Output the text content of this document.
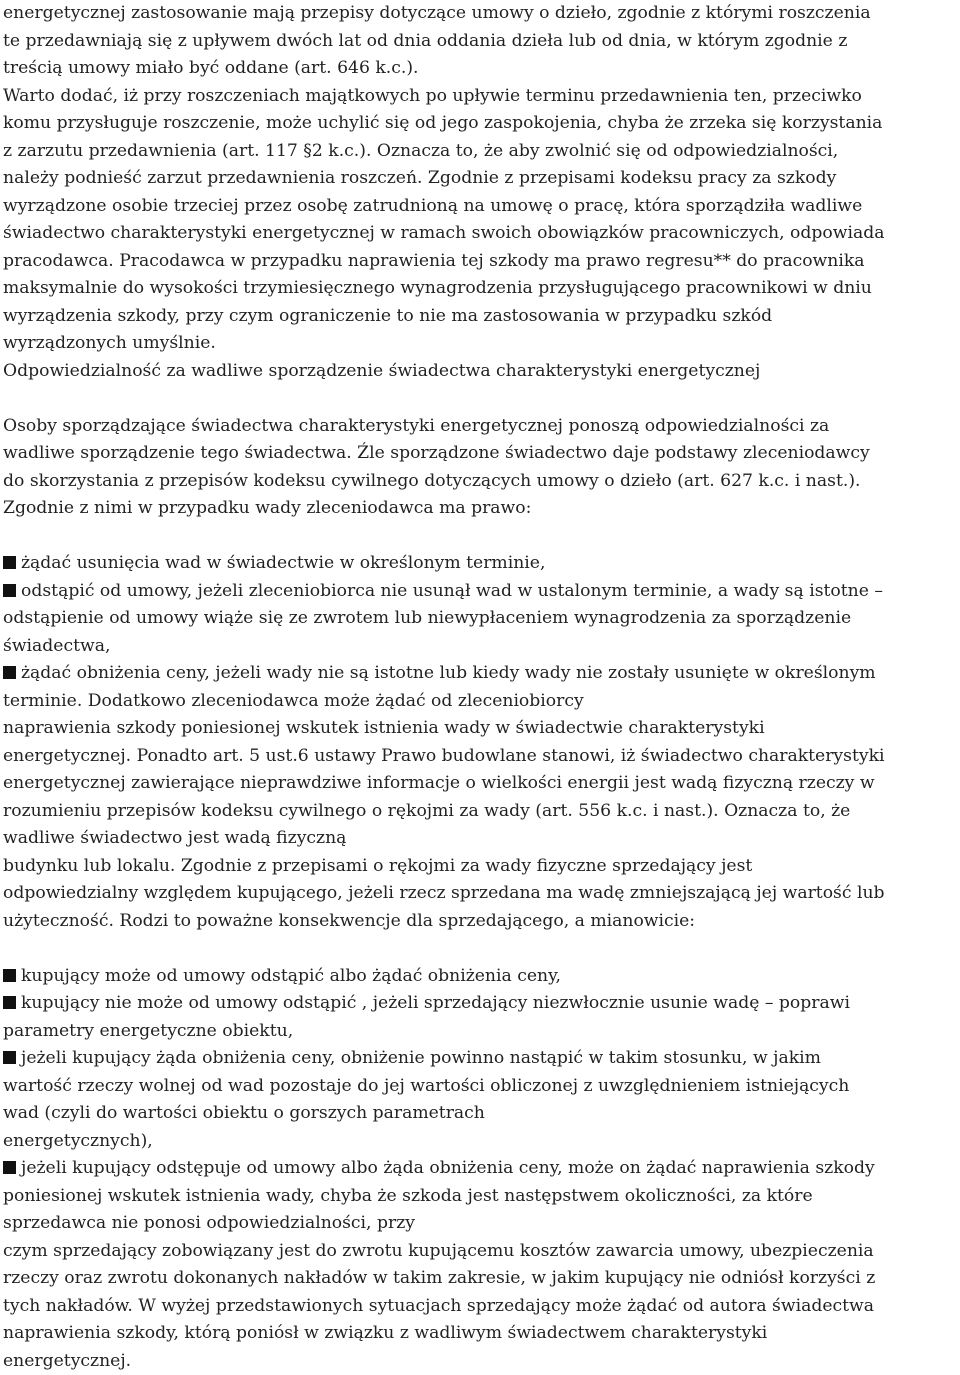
energetycznej zastosowanie mają przepisy dotyczące umowy o dzieło, zgodnie z którymi roszczenia

te przedawniają się z upływem dwóch lat od dnia oddania dzieła lub od dnia, w którym zgodnie z

treścią umowy miało być oddane (art. 646 k.c.).

Warto dodać, iż przy roszczeniach majątkowych po upływie terminu przedawnienia ten, przeciwko

komu przysługuje roszczenie, może uchylić się od jego zaspokojenia, chyba że zrzeka się korzystania

z zarzutu przedawnienia (art. 117 §2 k.c.). Oznacza to, że aby zwolnić się od odpowiedzialności,

należy podnieść zarzut przedawnienia roszczeń. Zgodnie z przepisami kodeksu pracy za szkody

wyrządzone osobie trzeciej przez osobę zatrudnioną na umowę o pracę, która sporządziła wadliwe

świadectwo charakterystyki energetycznej w ramach swoich obowiązków pracowniczych, odpowiada

pracodawca. Pracodawca w przypadku naprawienia tej szkody ma prawo regresu** do pracownika

maksymalnie do wysokości trzymiesięcznego wynagrodzenia przysługującego pracownikowi w dniu

wyrządzenia szkody, przy czym ograniczenie to nie ma zastosowania w przypadku szkód

wyrządzonych umyślnie.

Odpowiedzialność za wadliwe sporządzenie świadectwa charakterystyki energetycznej

Osoby sporządzające świadectwa charakterystyki energetycznej ponoszą odpowiedzialności za

wadliwe sporządzenie tego świadectwa. Źle sporządzone świadectwo daje podstawy zleceniodawcy

do skorzystania z przepisów kodeksu cywilnego dotyczących umowy o dzieło (art. 627 k.c. i nast.).

Zgodnie z nimi w przypadku wady zleceniodawca ma prawo:

żądać usunięcia wad w świadectwie w określonym terminie,

odstąpić od umowy, jeżeli zleceniobiorca nie usunął wad w ustalonym terminie, a wady są istotne –

odstąpienie od umowy wiąże się ze zwrotem lub niewypłaceniem wynagrodzenia za sporządzenie

świadectwa,

żądać obniżenia ceny, jeżeli wady nie są istotne lub kiedy wady nie zostały usunięte w określonym

terminie. Dodatkowo zleceniodawca może żądać od zleceniobiorcy

naprawienia szkody poniesionej wskutek istnienia wady w świadectwie charakterystyki

energetycznej. Ponadto art. 5 ust.6 ustawy Prawo budowlane stanowi, iż świadectwo charakterystyki

energetycznej zawierające nieprawdziwe informacje o wielkości energii jest wadą fizyczną rzeczy w

rozumieniu przepisów kodeksu cywilnego o rękojmi za wady (art. 556 k.c. i nast.). Oznacza to, że

wadliwe świadectwo jest wadą fizyczną

budynku lub lokalu. Zgodnie z przepisami o rękojmi za wady fizyczne sprzedający jest

odpowiedzialny względem kupującego, jeżeli rzecz sprzedana ma wadę zmniejszającą jej wartość lub

użyteczność. Rodzi to poważne konsekwencje dla sprzedającego, a mianowicie:

kupujący może od umowy odstąpić albo żądać obniżenia ceny,

kupujący nie może od umowy odstąpić , jeżeli sprzedający niezwłocznie usunie wadę – poprawi

parametry energetyczne obiektu,

jeżeli kupujący żąda obniżenia ceny, obniżenie powinno nastąpić w takim stosunku, w jakim

wartość rzeczy wolnej od wad pozostaje do jej wartości obliczonej z uwzględnieniem istniejących

wad (czyli do wartości obiektu o gorszych parametrach

energetycznych),

jeżeli kupujący odstępuje od umowy albo żąda obniżenia ceny, może on żądać naprawienia szkody

poniesionej wskutek istnienia wady, chyba że szkoda jest następstwem okoliczności, za które

sprzedawca nie ponosi odpowiedzialności, przy

czym sprzedający zobowiązany jest do zwrotu kupującemu kosztów zawarcia umowy, ubezpieczenia

rzeczy oraz zwrotu dokonanych nakładów w takim zakresie, w jakim kupujący nie odniósł korzyści z

tych nakładów. W wyżej przedstawionych sytuacjach sprzedający może żądać od autora świadectwa

naprawienia szkody, którą poniósł w związku z wadliwym świadectwem charakterystyki

energetycznej.
